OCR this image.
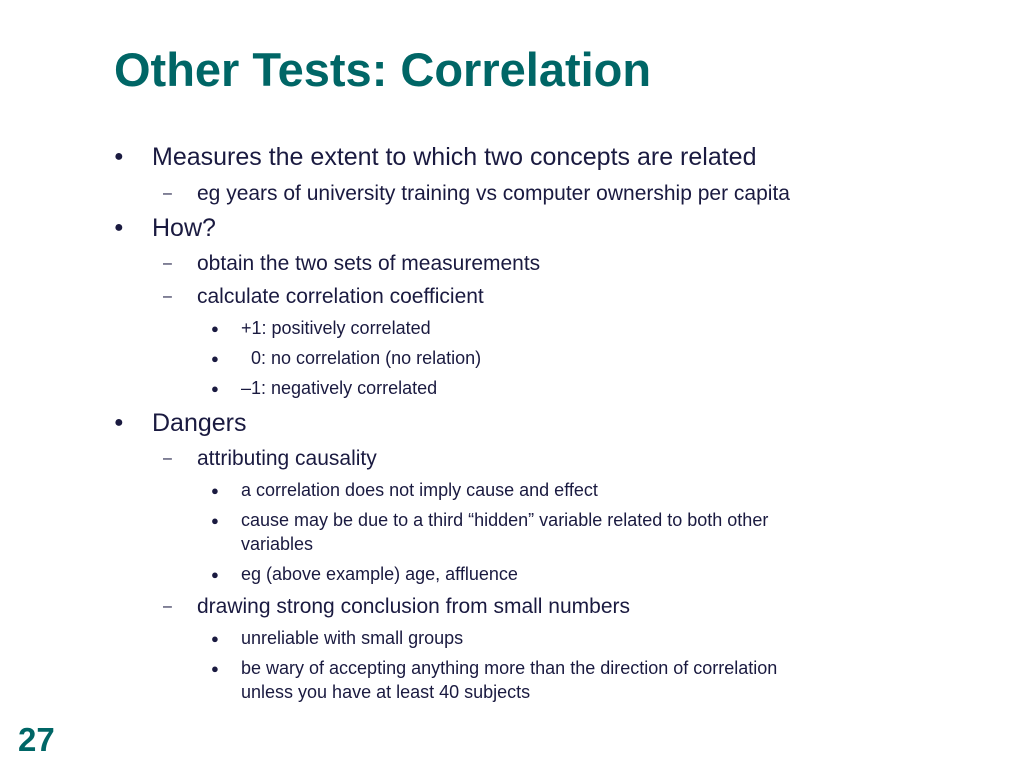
Other Tests: Correlation
●	Measures the extent to which two concepts are related
–	eg years of university training vs computer ownership per capita
●	How?
–	obtain the two sets of measurements
–	calculate correlation coefficient
●	+1: positively correlated
●	0: no correlation (no relation)
●	–1: negatively correlated
●	Dangers
–	attributing causality
●	a correlation does not imply cause and effect
●	cause may be due to a third “hidden” variable related to both other
variables
●	eg (above example) age, affluence
–	drawing strong conclusion from small numbers
●	unreliable with small groups
●	be wary of accepting anything more than the direction of correlation
unless you have at least 40 subjects
27
